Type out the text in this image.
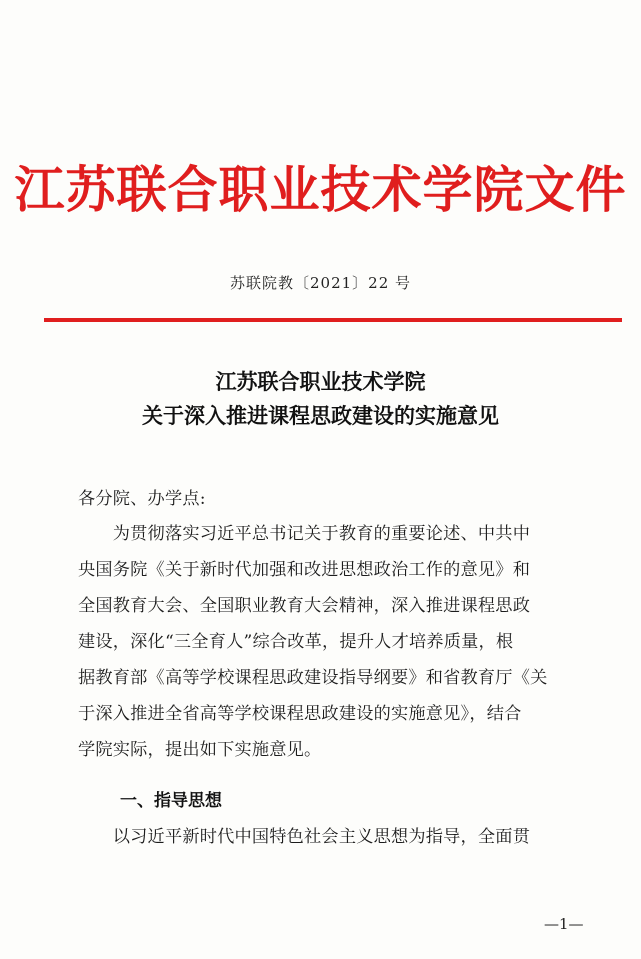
江苏联合职业技术学院文件
苏联院教〔2021〕22 号
江苏联合职业技术学院
关于深入推进课程思政建设的实施意见
各分院、办学点:
　　为贯彻落实习近平总书记关于教育的重要论述、中共中
央国务院《关于新时代加强和改进思想政治工作的意见》和
全国教育大会、全国职业教育大会精神，深入推进课程思政
建设，深化“三全育人”综合改革，提升人才培养质量，根
据教育部《高等学校课程思政建设指导纲要》和省教育厅《关
于深入推进全省高等学校课程思政建设的实施意见》，结合
学院实际，提出如下实施意见。
一、指导思想
　　以习近平新时代中国特色社会主义思想为指导，全面贯
—1—
